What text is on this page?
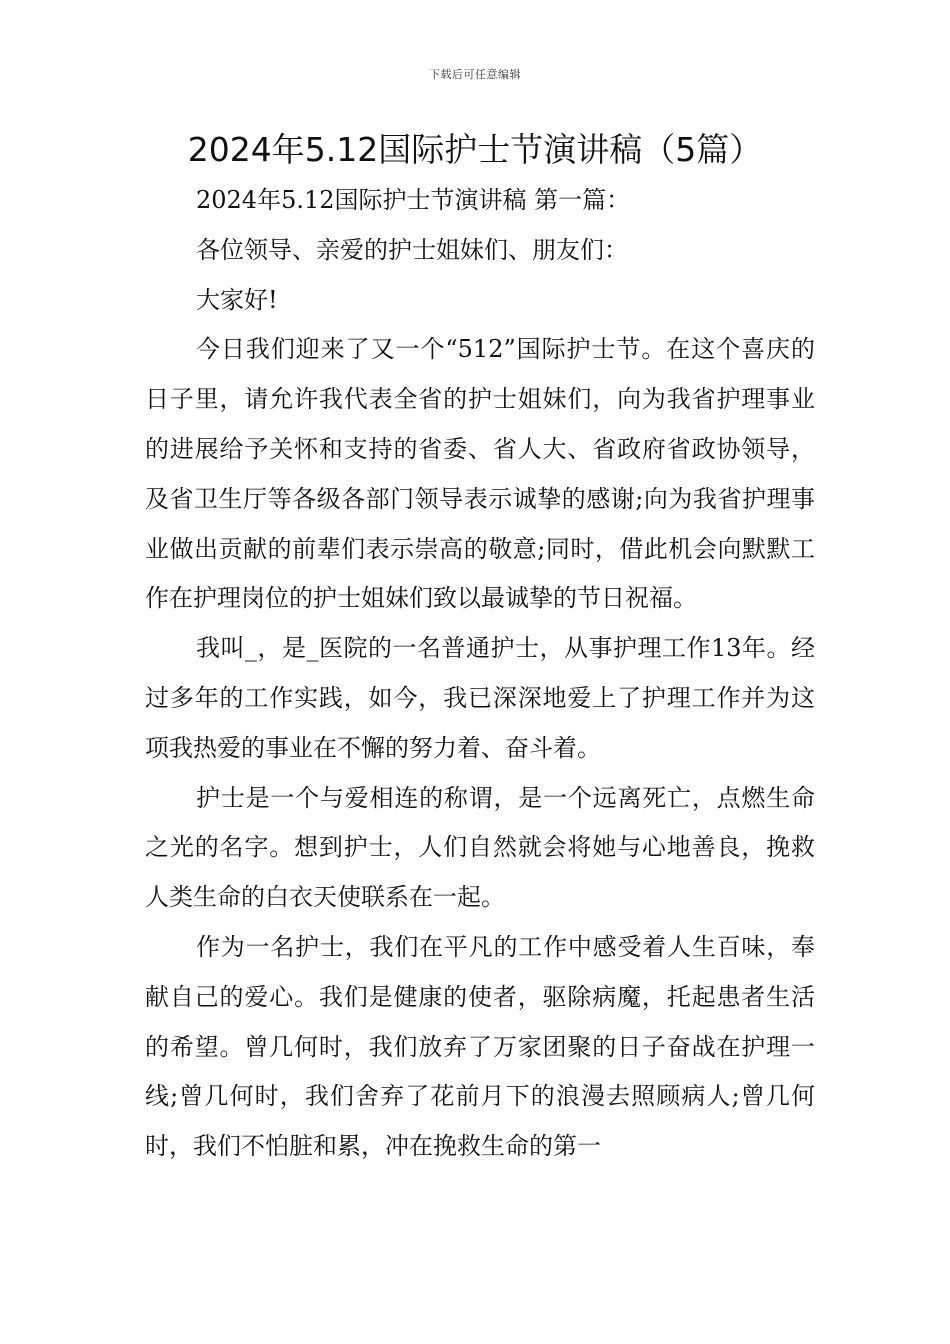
下载后可任意编辑
2024年5.12国际护士节演讲稿（5篇）

2024年5.12国际护士节演讲稿 第一篇：

各位领导、亲爱的护士姐妹们、朋友们：

大家好!

今日我们迎来了又一个“512”国际护士节。在这个喜庆的日子里，请允许我代表全省的护士姐妹们，向为我省护理事业的进展给予关怀和支持的省委、省人大、省政府省政协领导，及省卫生厅等各级各部门领导表示诚挚的感谢;向为我省护理事业做出贡献的前辈们表示崇高的敬意;同时，借此机会向默默工作在护理岗位的护士姐妹们致以最诚挚的节日祝福。

我叫_，是_医院的一名普通护士，从事护理工作13年。经过多年的工作实践，如今，我已深深地爱上了护理工作并为这项我热爱的事业在不懈的努力着、奋斗着。

护士是一个与爱相连的称谓，是一个远离死亡，点燃生命之光的名字。想到护士，人们自然就会将她与心地善良，挽救人类生命的白衣天使联系在一起。

作为一名护士，我们在平凡的工作中感受着人生百味，奉献自己的爱心。我们是健康的使者，驱除病魔，托起患者生活的希望。曾几何时，我们放弃了万家团聚的日子奋战在护理一线;曾几何时，我们舍弃了花前月下的浪漫去照顾病人;曾几何时，我们不怕脏和累，冲在挽救生命的第一
